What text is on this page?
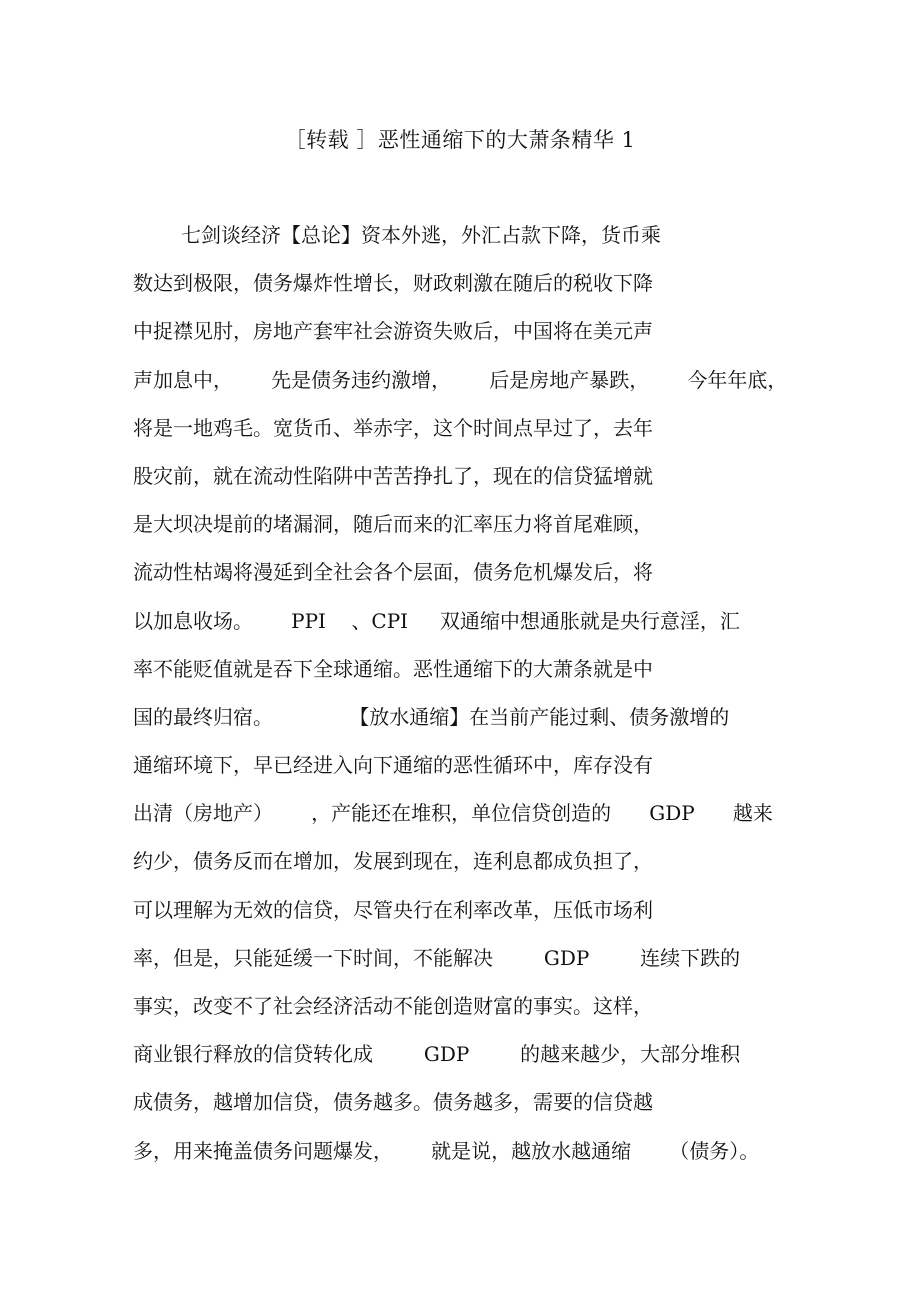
［转载 ］恶性通缩下的大萧条精华 1
七剑谈经济【总论】资本外逃，外汇占款下降，货币乘
数达到极限，债务爆炸性增长，财政刺激在随后的税收下降
中捉襟见肘，房地产套牢社会游资失败后，中国将在美元声
声加息中，      先是债务违约激增，      后是房地产暴跌，      今年年底，
将是一地鸡毛。宽货币、举赤字，这个时间点早过了，去年
股灾前，就在流动性陷阱中苦苦挣扎了，现在的信贷猛增就
是大坝决堤前的堵漏洞，随后而来的汇率压力将首尾难顾，
流动性枯竭将漫延到全社会各个层面，债务危机爆发后，将
以加息收场。      PPI    、CPI     双通缩中想通胀就是央行意淫，汇
率不能贬值就是吞下全球通缩。恶性通缩下的大萧条就是中
国的最终归宿。            【放水通缩】在当前产能过剩、债务激增的
通缩环境下，早已经进入向下通缩的恶性循环中，库存没有
出清（房地产）      ，产能还在堆积，单位信贷创造的      GDP      越来
约少，债务反而在增加，发展到现在，连利息都成负担了，
可以理解为无效的信贷，尽管央行在利率改革，压低市场利
率，但是，只能延缓一下时间，不能解决        GDP        连续下跌的
事实，改变不了社会经济活动不能创造财富的事实。这样，
商业银行释放的信贷转化成        GDP        的越来越少，大部分堆积
成债务，越增加信贷，债务越多。债务越多，需要的信贷越
多，用来掩盖债务问题爆发，      就是说，越放水越通缩      （债务）。
